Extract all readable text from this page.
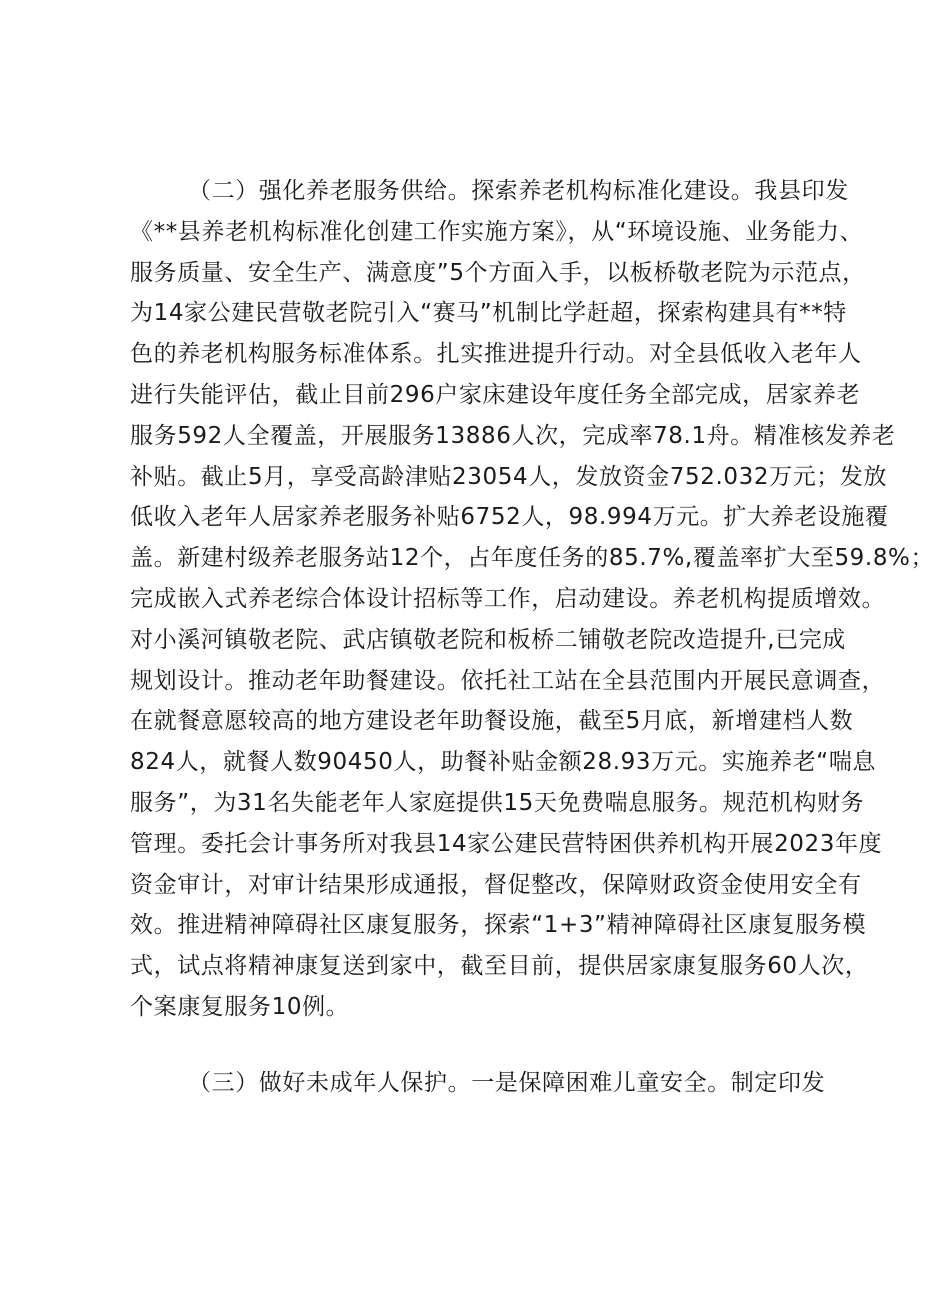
（二）强化养老服务供给。探索养老机构标准化建设。我县印发
《**县养老机构标准化创建工作实施方案》，从“环境设施、业务能力、
服务质量、安全生产、满意度”5个方面入手，以板桥敬老院为示范点，
为14家公建民营敬老院引入“赛马”机制比学赶超，探索构建具有**特
色的养老机构服务标准体系。扎实推进提升行动。对全县低收入老年人
进行失能评估，截止目前296户家床建设年度任务全部完成，居家养老
服务592人全覆盖，开展服务13886人次，完成率78.1舟。精准核发养老
补贴。截止5月，享受高龄津贴23054人，发放资金752.032万元；发放
低收入老年人居家养老服务补贴6752人，98.994万元。扩大养老设施覆
盖。新建村级养老服务站12个，占年度任务的85.7%,覆盖率扩大至59.8%；
完成嵌入式养老综合体设计招标等工作，启动建设。养老机构提质增效。
对小溪河镇敬老院、武店镇敬老院和板桥二铺敬老院改造提升,已完成
规划设计。推动老年助餐建设。依托社工站在全县范围内开展民意调查，
在就餐意愿较高的地方建设老年助餐设施，截至5月底，新增建档人数
824人，就餐人数90450人，助餐补贴金额28.93万元。实施养老“喘息
服务”，为31名失能老年人家庭提供15天免费喘息服务。规范机构财务
管理。委托会计事务所对我县14家公建民营特困供养机构开展2023年度
资金审计，对审计结果形成通报，督促整改，保障财政资金使用安全有
效。推进精神障碍社区康复服务，探索“1+3”精神障碍社区康复服务模
式，试点将精神康复送到家中，截至目前，提供居家康复服务60人次，
个案康复服务10例。
（三）做好未成年人保护。一是保障困难儿童安全。制定印发
